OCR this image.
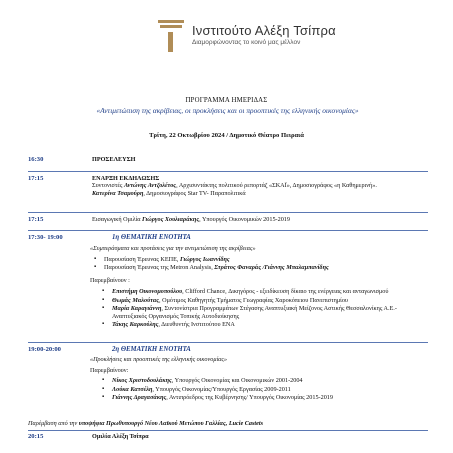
Ινστιτούτο Αλέξη Τσίπρα
Διαμορφώνοντας το κοινό μας μέλλον
ΠΡΟΓΡΑΜΜΑ ΗΜΕΡΙΔΑΣ
«Αντιμετώπιση της ακρίβειας, οι προκλήσεις και οι προοπτικές της ελληνικής οικονομίας»
Τρίτη, 22 Οκτωβρίου 2024 / Δημοτικό Θέατρο Πειραιά
16:30	ΠΡΟΣΕΛΕΥΣΗ
17:15	ΕΝΑΡΞΗ ΕΚΔΗΛΩΣΗΣ
Συντονιστές Αντώνης Αντζολέτος, Αρχισυντάκτης πολιτικού ρεπορτάζ «ΣΚΑΪ», Δημοσιογράφος «η Καθημερινή».
Κατερίνα Τσαμούρη, Δημοσιογράφος Star TV- Παραπολιτικά
17:15	Εισαγωγική Ομιλία Γιώργος Χουλιαράκης, Υπουργός Οικονομικών 2015-2019
17:30- 19:00	1η ΘΕΜΑΤΙΚΗ ΕΝΟΤΗΤΑ
«Συμπεράσματα και προτάσεις για την αντιμετώπιση της ακρίβειας»
▪ Παρουσίαση Έρευνας ΚΕΠΕ, Γιώργος Ιωαννίδης
▪ Παρουσίαση Έρευνας της Metron Analysis, Στράτος Φαναράς /Γιάννης Μπαλαμπανίδης
Παρεμβαίνουν :
▪ Επιστήμη Οικονομοπούλου, Clifford Chance, Δικηγόρος - εξειδίκευση δίκαιο της ενέργειας και ανταγωνισμού
▪ Θωμάς Μαλούτας, Ομότιμος Καθηγητής Τμήματος Γεωγραφίας Χαροκόπειου Πανεπιστημίου
▪ Μαρία Καραγιάννη, Συντονίστρια Προγραμμάτων Στέγασης Αναπτυξιακή Μείζονος Αστικής Θεσσαλονίκης Α.Ε.-Αναπτυξιακός Οργανισμός Τοπικής Αυτοδιοίκησης
▪ Τάκης Καρκούλης, Διευθυντής Ινστιτούτου ΕΝΑ
19:00-20:00	2η ΘΕΜΑΤΙΚΗ ΕΝΟΤΗΤΑ
«Προκλήσεις και προοπτικές της ελληνικής οικονομίας»
Παρεμβαίνουν:
▪ Νίκος Χριστοδουλάκης, Υπουργός Οικονομίας και Οικονομικών 2001-2004
▪ Λούκα Κατσέλη, Υπουργός Οικονομίας/Υπουργός Εργασίας 2009-2011
▪ Γιάννης Δραγασάκης, Αντιπρόεδρος της Κυβέρνησης/ Υπουργός Οικονομίας 2015-2019
Παρέμβαση από την υποψήφια Πρωθυπουργό Νέου Λαϊκού Μετώπου Γαλλίας, Lucie Castets
20:15	Ομιλία Αλέξη Τσίπρα
